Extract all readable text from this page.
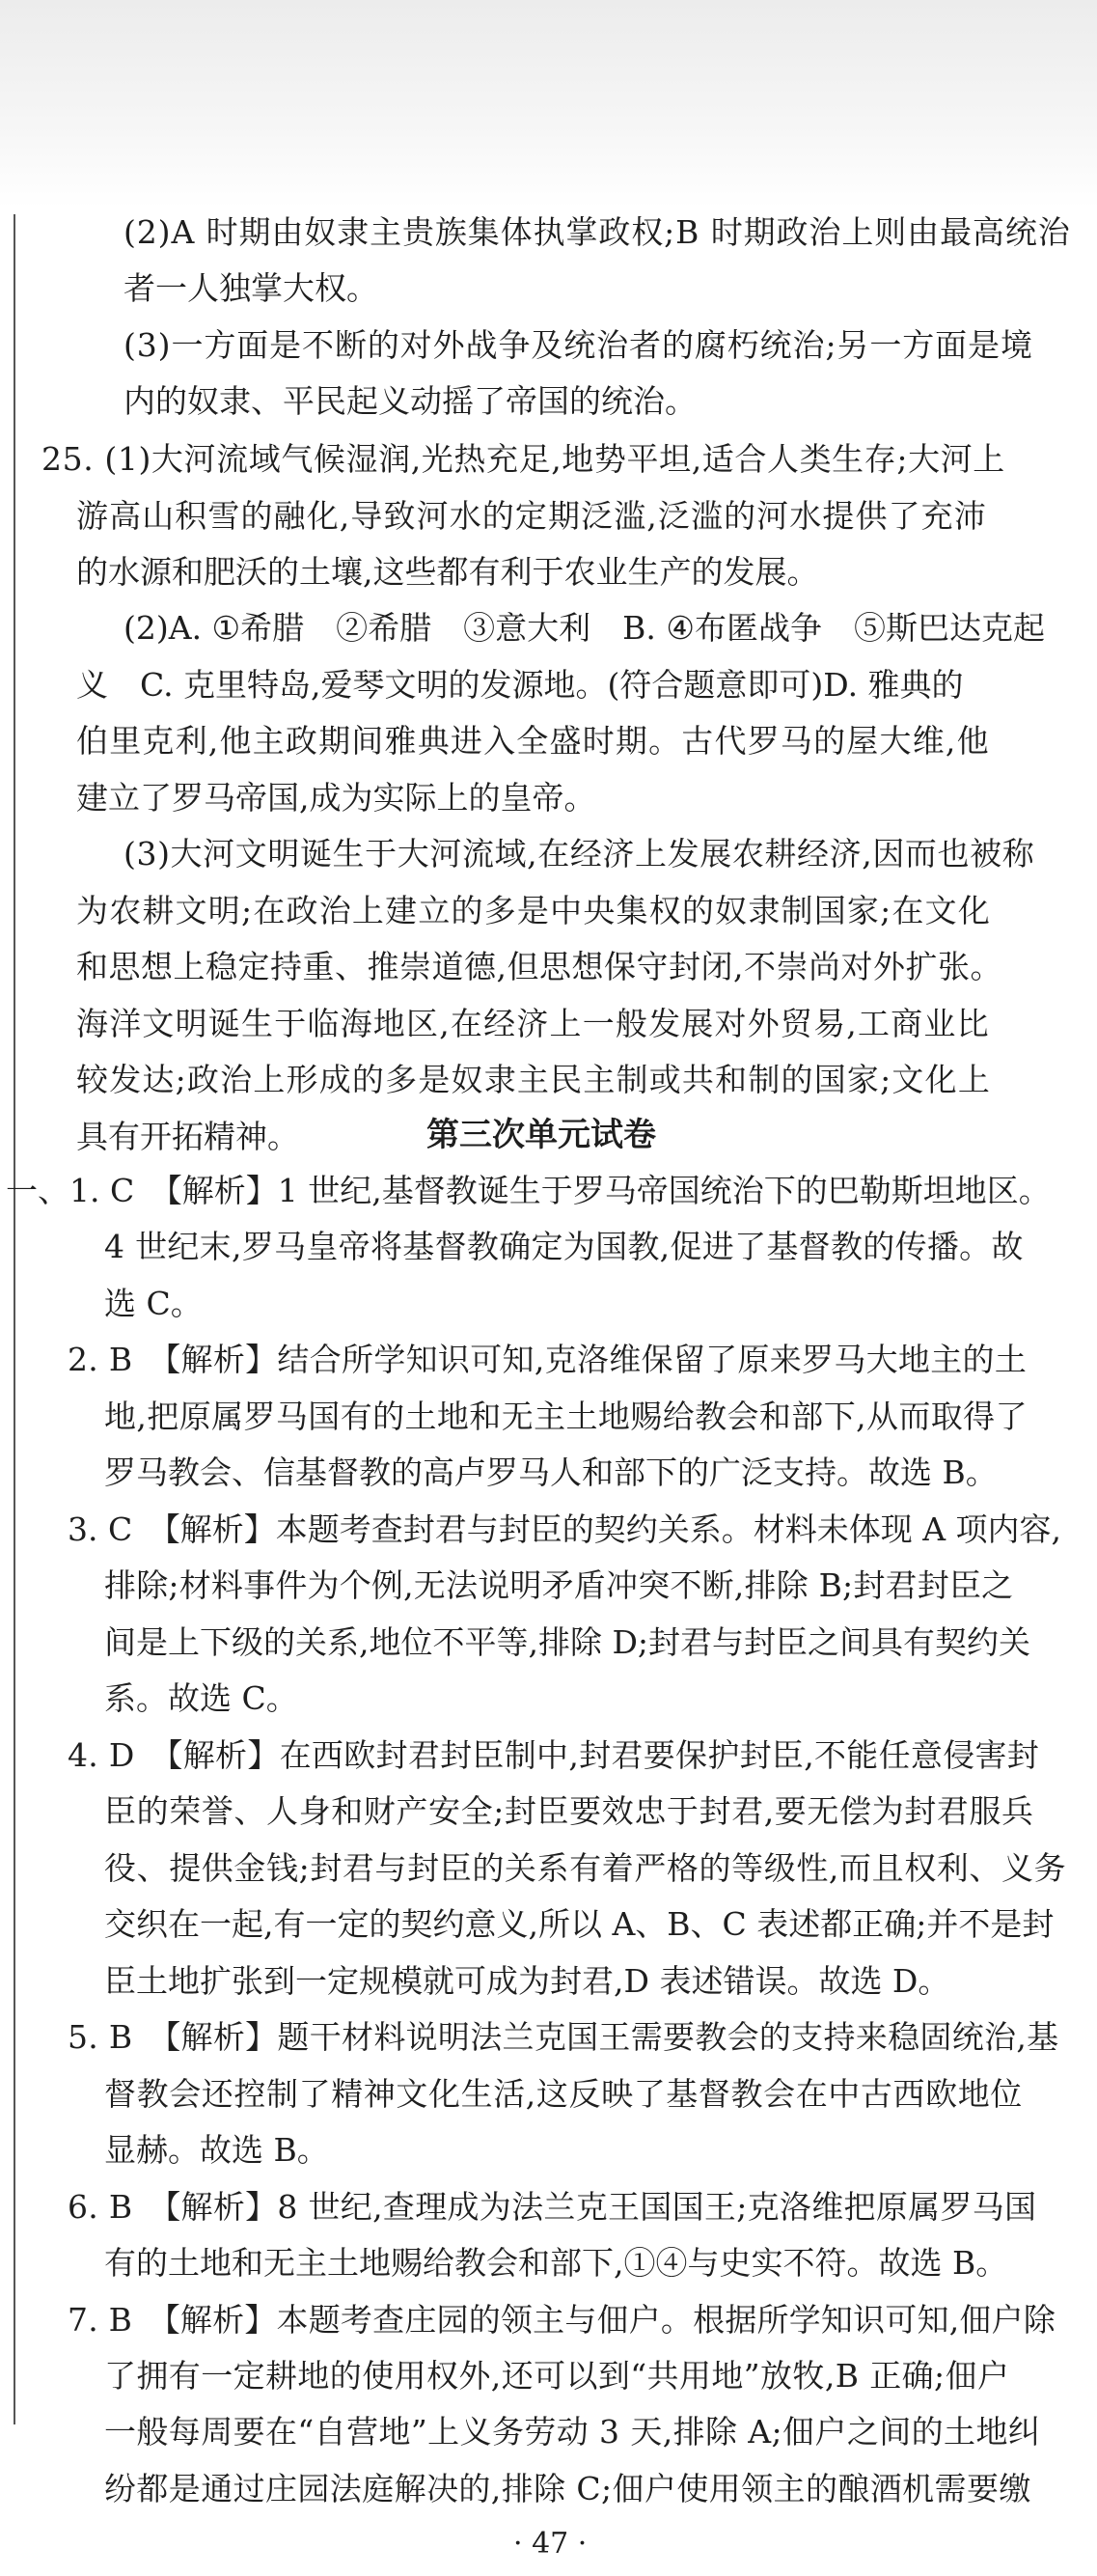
(2)A 时期由奴隶主贵族集体执掌政权;B 时期政治上则由最高统治
者一人独掌大权。
(3)一方面是不断的对外战争及统治者的腐朽统治;另一方面是境
内的奴隶、平民起义动摇了帝国的统治。
25. (1)大河流域气候湿润,光热充足,地势平坦,适合人类生存;大河上
游高山积雪的融化,导致河水的定期泛滥,泛滥的河水提供了充沛
的水源和肥沃的土壤,这些都有利于农业生产的发展。
(2)A. ①希腊　②希腊　③意大利　B. ④布匿战争　⑤斯巴达克起
义　C. 克里特岛,爱琴文明的发源地。(符合题意即可)D. 雅典的
伯里克利,他主政期间雅典进入全盛时期。古代罗马的屋大维,他
建立了罗马帝国,成为实际上的皇帝。
(3)大河文明诞生于大河流域,在经济上发展农耕经济,因而也被称
为农耕文明;在政治上建立的多是中央集权的奴隶制国家;在文化
和思想上稳定持重、推崇道德,但思想保守封闭,不崇尚对外扩张。
海洋文明诞生于临海地区,在经济上一般发展对外贸易,工商业比
较发达;政治上形成的多是奴隶主民主制或共和制的国家;文化上
具有开拓精神。	第三次单元试卷
一、1. C　【解析】1 世纪,基督教诞生于罗马帝国统治下的巴勒斯坦地区。
4 世纪末,罗马皇帝将基督教确定为国教,促进了基督教的传播。故
选 C。
2. B　【解析】结合所学知识可知,克洛维保留了原来罗马大地主的土
地,把原属罗马国有的土地和无主土地赐给教会和部下,从而取得了
罗马教会、信基督教的高卢罗马人和部下的广泛支持。故选 B。
3. C　【解析】本题考查封君与封臣的契约关系。材料未体现 A 项内容,
排除;材料事件为个例,无法说明矛盾冲突不断,排除 B;封君封臣之
间是上下级的关系,地位不平等,排除 D;封君与封臣之间具有契约关
系。故选 C。
4. D　【解析】在西欧封君封臣制中,封君要保护封臣,不能任意侵害封
臣的荣誉、人身和财产安全;封臣要效忠于封君,要无偿为封君服兵
役、提供金钱;封君与封臣的关系有着严格的等级性,而且权利、义务
交织在一起,有一定的契约意义,所以 A、B、C 表述都正确;并不是封
臣土地扩张到一定规模就可成为封君,D 表述错误。故选 D。
5. B　【解析】题干材料说明法兰克国王需要教会的支持来稳固统治,基
督教会还控制了精神文化生活,这反映了基督教会在中古西欧地位
显赫。故选 B。
6. B　【解析】8 世纪,查理成为法兰克王国国王;克洛维把原属罗马国
有的土地和无主土地赐给教会和部下,①④与史实不符。故选 B。
7. B　【解析】本题考查庄园的领主与佃户。根据所学知识可知,佃户除
了拥有一定耕地的使用权外,还可以到“共用地”放牧,B 正确;佃户
一般每周要在“自营地”上义务劳动 3 天,排除 A;佃户之间的土地纠
纷都是通过庄园法庭解决的,排除 C;佃户使用领主的酿酒机需要缴
· 47 ·
